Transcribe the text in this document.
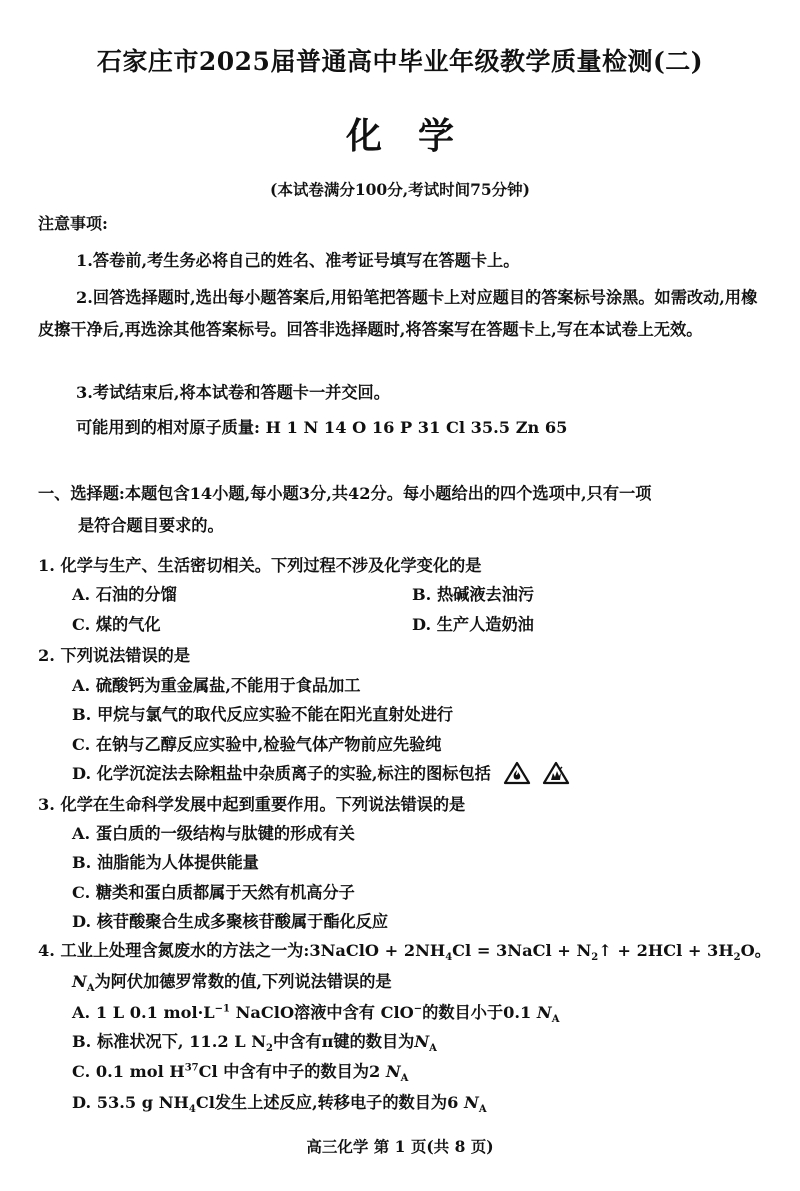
石家庄市2025届普通高中毕业年级教学质量检测(二)
化学
(本试卷满分100分,考试时间75分钟)
注意事项:
1.答卷前,考生务必将自己的姓名、准考证号填写在答题卡上。
2.回答选择题时,选出每小题答案后,用铅笔把答题卡上对应题目的答案标号涂黑。如需改动,用橡皮擦干净后,再选涂其他答案标号。回答非选择题时,将答案写在答题卡上,写在本试卷上无效。
3.考试结束后,将本试卷和答题卡一并交回。
可能用到的相对原子质量: H 1 N 14 O 16 P 31 Cl 35.5 Zn 65
一、选择题:本题包含14小题,每小题3分,共42分。每小题给出的四个选项中,只有一项
是符合题目要求的。
1. 化学与生产、生活密切相关。下列过程不涉及化学变化的是
A. 石油的分馏	B. 热碱液去油污
C. 煤的气化	D. 生产人造奶油
2. 下列说法错误的是
A. 硫酸钙为重金属盐,不能用于食品加工
B. 甲烷与氯气的取代反应实验不能在阳光直射处进行
C. 在钠与乙醇反应实验中,检验气体产物前应先验纯
D. 化学沉淀法去除粗盐中杂质离子的实验,标注的图标包括
3. 化学在生命科学发展中起到重要作用。下列说法错误的是
A. 蛋白质的一级结构与肽键的形成有关
B. 油脂能为人体提供能量
C. 糖类和蛋白质都属于天然有机高分子
D. 核苷酸聚合生成多聚核苷酸属于酯化反应
4. 工业上处理含氮废水的方法之一为:3NaClO + $2NH_4Cl$ = 3NaCl + $N_2↑ + 2HCl + 3H_2O$。
$N_A$为阿伏加德罗常数的值,下列说法错误的是
A. 1 L 0.1 $mol\cdot L^{-1}$ NaClO溶液中含有 ClO−的数目小于0.1 $N_A$
B. 标准状况下, 11.2 L $N_2$中含有π键的数目为$N_A$
C. 0.1 mol $H^{37}Cl$ 中含有中子的数目为2 $N_A$
D. 53.5 g $NH_4Cl$发生上述反应,转移电子的数目为6 $N_A$
高三化学 第 1 页(共 8 页)
